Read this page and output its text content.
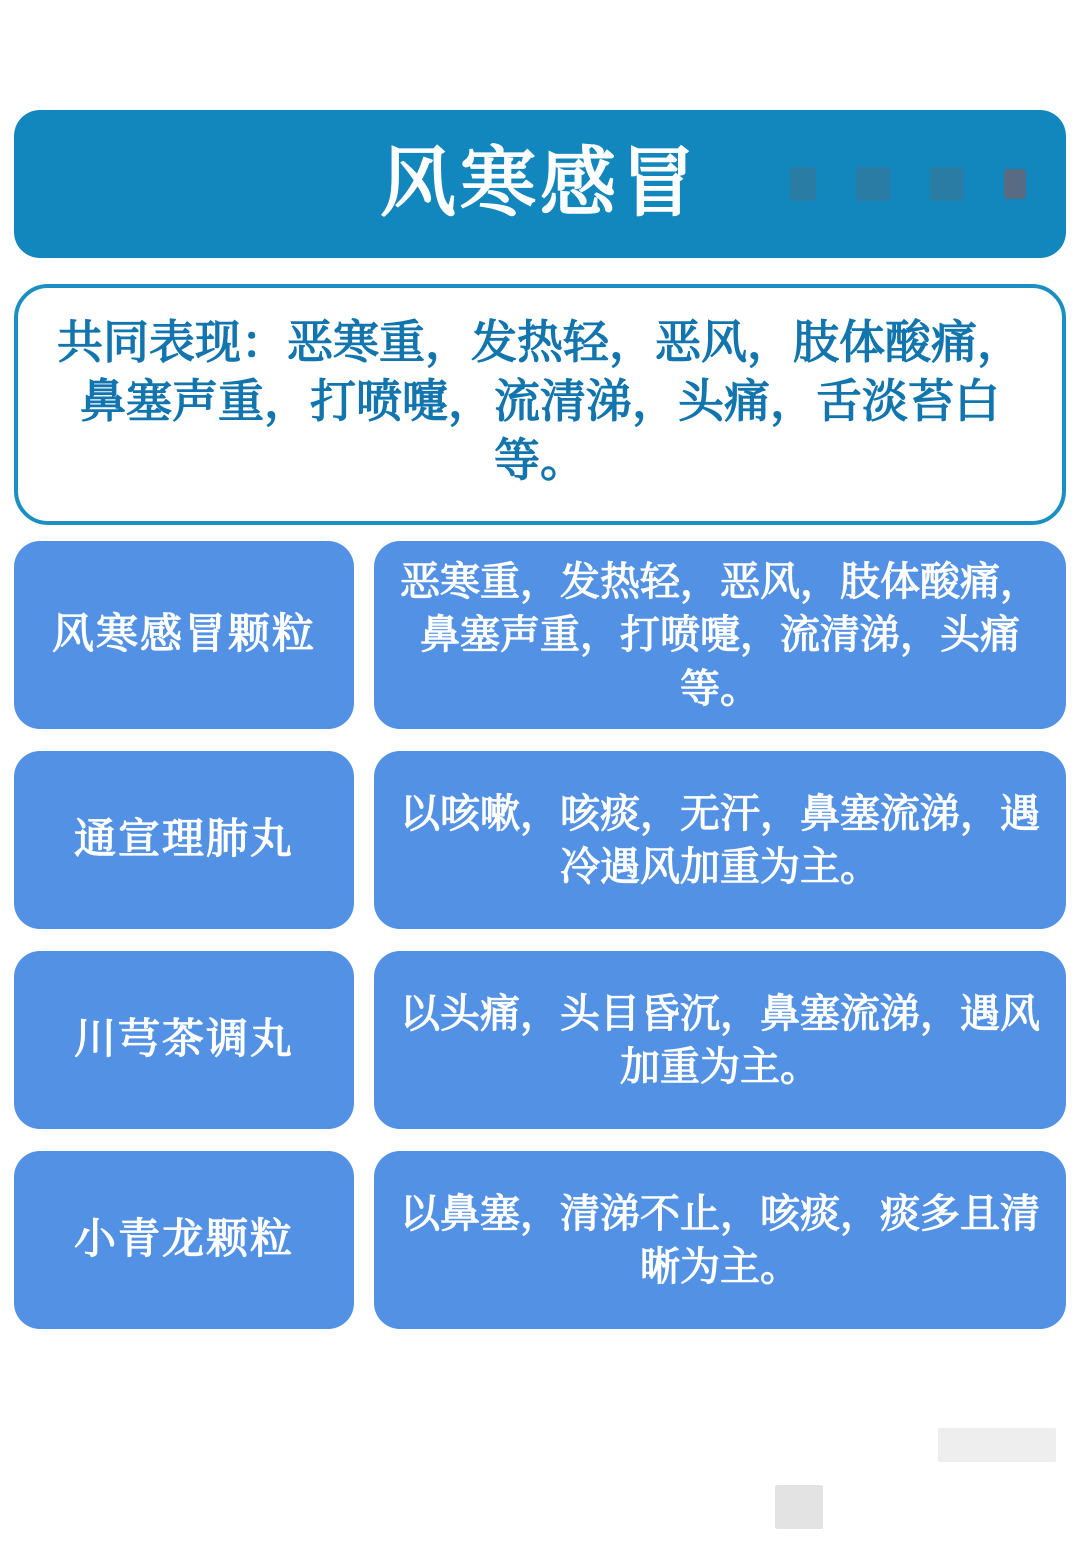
风寒感冒
共同表现：恶寒重，发热轻，恶风，肢体酸痛，鼻塞声重，打喷嚏，流清涕，头痛，舌淡苔白等。
风寒感冒颗粒
恶寒重，发热轻，恶风，肢体酸痛，鼻塞声重，打喷嚏，流清涕，头痛等。
通宣理肺丸
以咳嗽，咳痰，无汗，鼻塞流涕，遇冷遇风加重为主。
川芎茶调丸
以头痛，头目昏沉，鼻塞流涕，遇风加重为主。
小青龙颗粒
以鼻塞，清涕不止，咳痰，痰多且清晰为主。
